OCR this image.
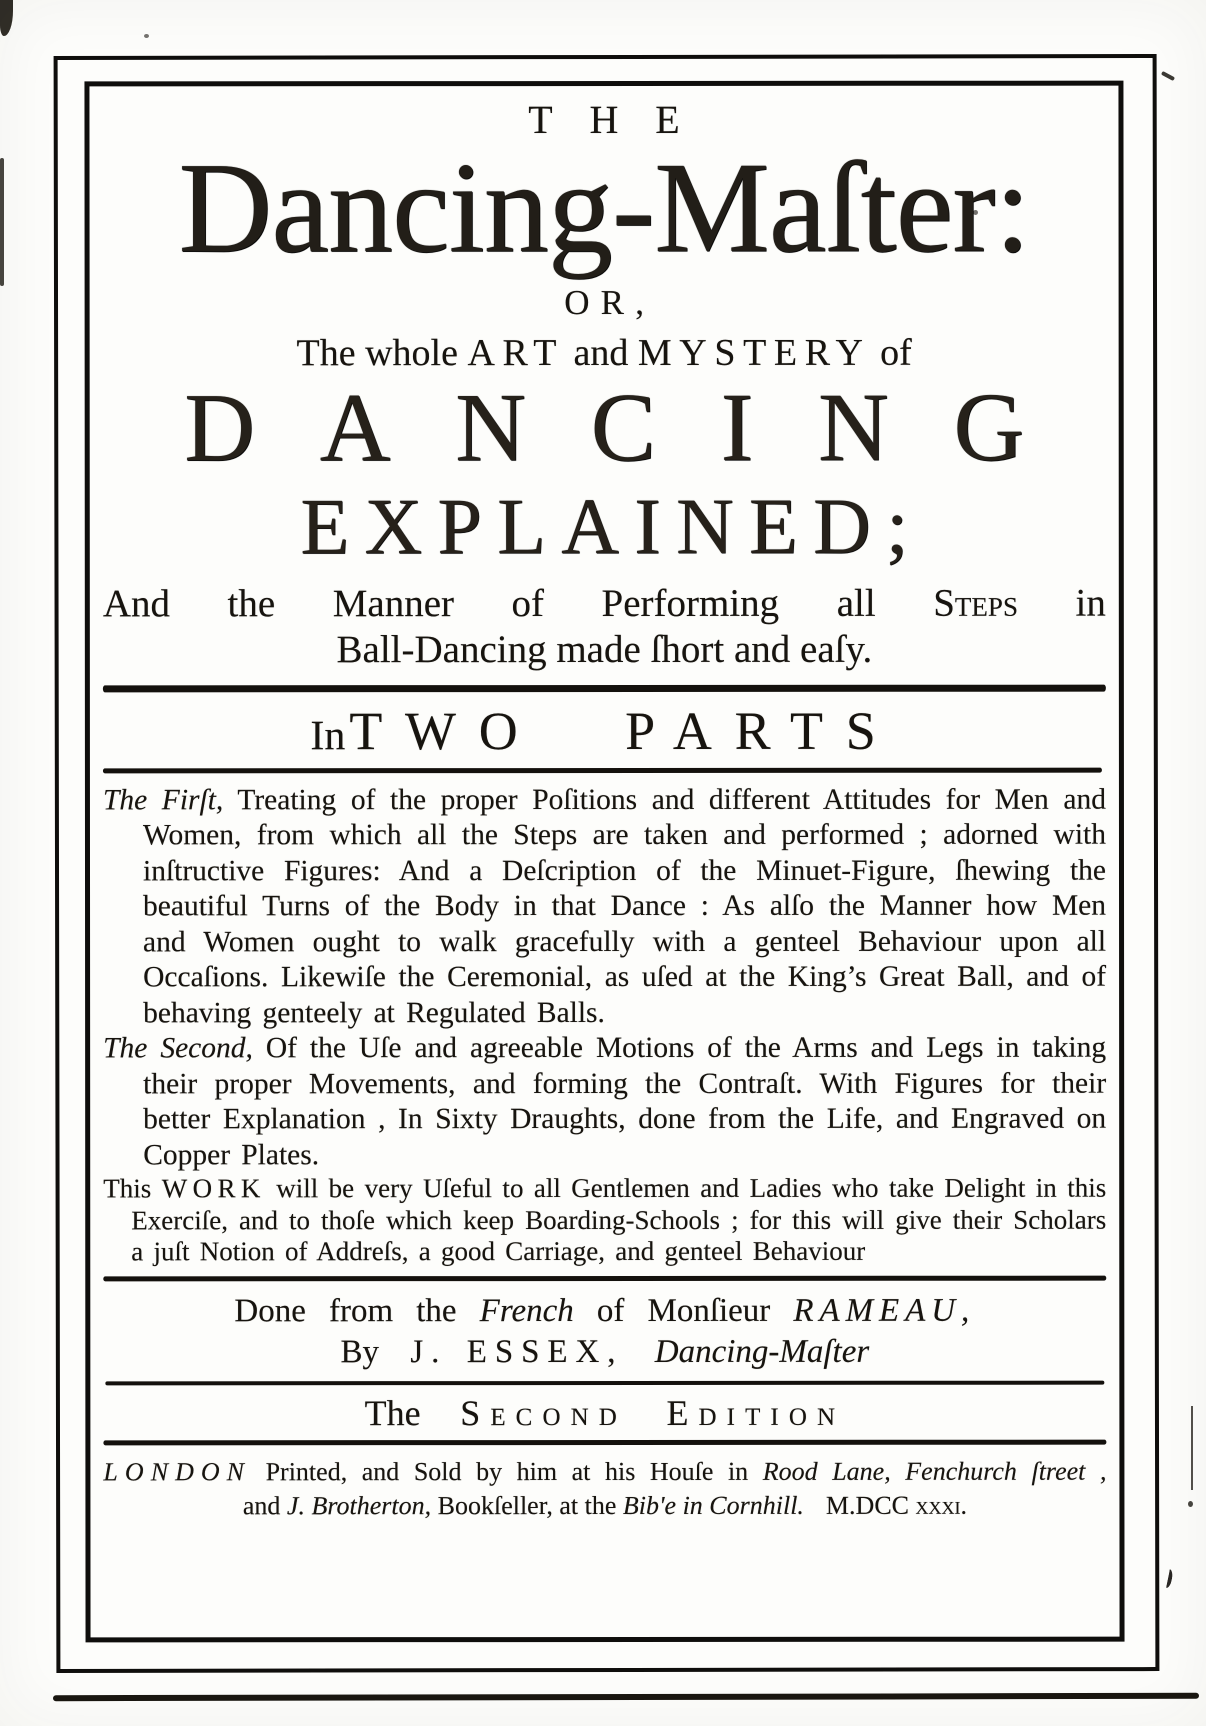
THE
Dancing-Maſter:
OR,
The whole ART and MYSTERY of
DANCING
EXPLAINED;
And the Manner of Performing all Steps in
Ball-Dancing made ſhort and eaſy.
In TWO PARTS

The Firſt, Treating of the proper Poſitions and different Attitudes for Men and Women, from which all the Steps are taken and performed ; adorned with inſtructive Figures: And a Deſcription of the Minuet-Figure, ſhewing the beautiful Turns of the Body in that Dance : As alſo the Manner how Men and Women ought to walk gracefully with a genteel Behaviour upon all Occaſions. Likewiſe the Ceremonial, as uſed at the King’s Great Ball, and of behaving genteely at Regulated Balls.

The Second, Of the Uſe and agreeable Motions of the Arms and Legs in taking their proper Movements, and forming the Contraſt. With Figures for their better Explanation , In Sixty Draughts, done from the Life, and Engraved on Copper Plates.

This WORK will be very Uſeful to all Gentlemen and Ladies who take Delight in this Exerciſe, and to thoſe which keep Boarding-Schools ; for this will give their Scholars a juſt Notion of Addreſs, a good Carriage, and genteel Behaviour

Done from the French of Monſieur RAMEAU,
By J. ESSEX, Dancing-Maſter
The Second Edition
LONDON Printed, and Sold by him at his Houſe in Rood Lane, Fenchurch ſtreet ,
and J. Brotherton, Bookſeller, at the Bib'e in Cornhill. M.DCC xxxi.
